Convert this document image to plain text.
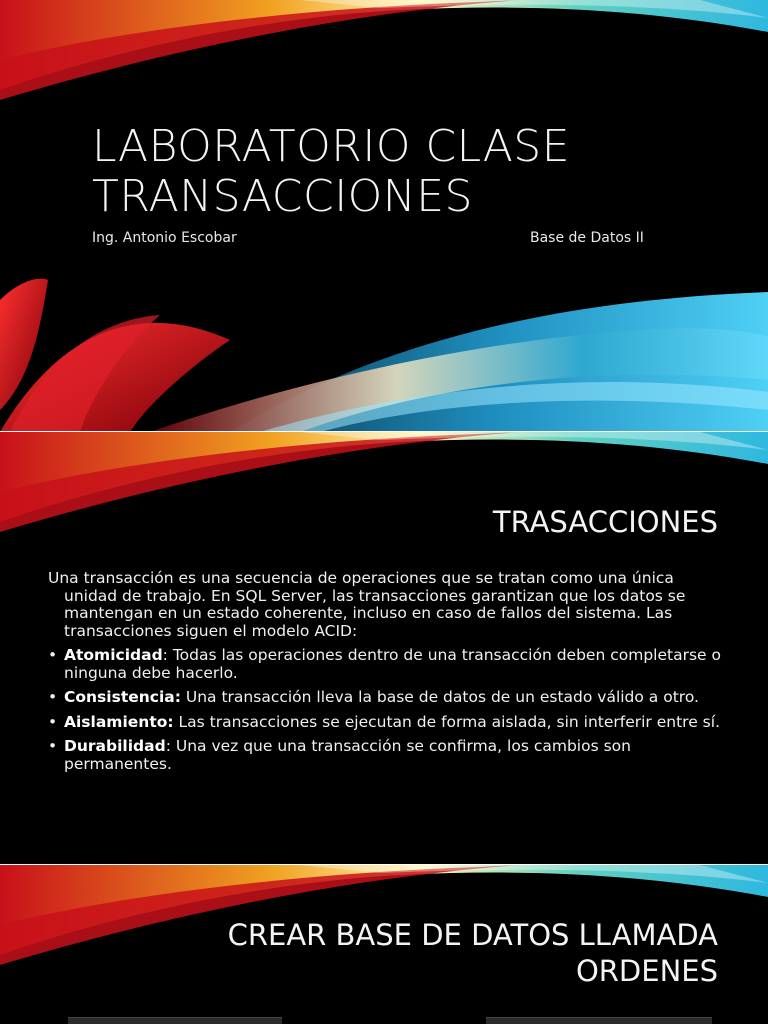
LABORATORIO CLASE
TRANSACCIONES
Ing. Antonio Escobar	Base de Datos II
TRASACCIONES

Una transacción es una secuencia de operaciones que se tratan como una única unidad de trabajo. En SQL Server, las transacciones garantizan que los datos se mantengan en un estado coherente, incluso en caso de fallos del sistema. Las transacciones siguen el modelo ACID:

• Atomicidad: Todas las operaciones dentro de una transacción deben completarse o ninguna debe hacerlo.
• Consistencia: Una transacción lleva la base de datos de un estado válido a otro.
• Aislamiento: Las transacciones se ejecutan de forma aislada, sin interferir entre sí.
• Durabilidad: Una vez que una transacción se confirma, los cambios son permanentes.
CREAR BASE DE DATOS LLAMADA
ORDENES
